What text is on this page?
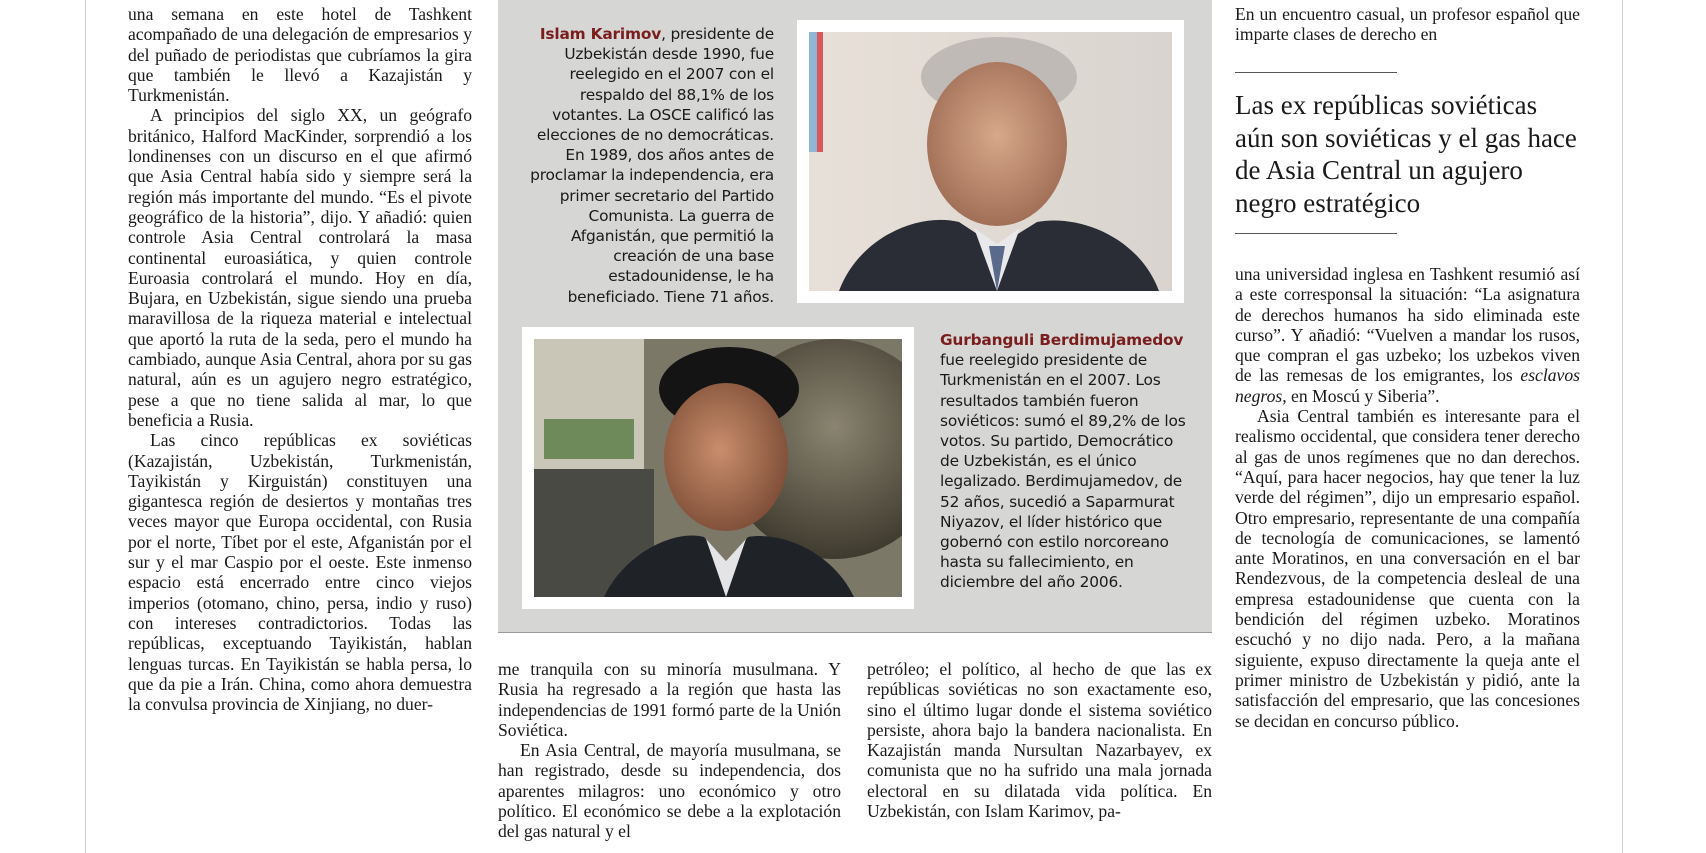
una semana en este hotel de Tashkent acompañado de una delegación de empresarios y del puñado de periodistas que cubríamos la gira que también le llevó a Kazajistán y Turkmenistán.

A principios del siglo XX, un geógrafo británico, Halford MacKinder, sorprendió a los londinenses con un discurso en el que afirmó que Asia Central había sido y siempre será la región más importante del mundo. “Es el pivote geográfico de la historia”, dijo. Y añadió: quien controle Asia Central controlará la masa continental euroasiática, y quien controle Euroasia controlará el mundo. Hoy en día, Bujara, en Uzbekistán, sigue siendo una prueba maravillosa de la riqueza material e intelectual que aportó la ruta de la seda, pero el mundo ha cambiado, aunque Asia Central, ahora por su gas natural, aún es un agujero negro estratégico, pese a que no tiene salida al mar, lo que beneficia a Rusia.

Las cinco repúblicas ex soviéticas (Kazajistán, Uzbekistán, Turkmenistán, Tayikistán y Kirguistán) constituyen una gigantesca región de desiertos y montañas tres veces mayor que Europa occidental, con Rusia por el norte, Tíbet por el este, Afganistán por el sur y el mar Caspio por el oeste. Este inmenso espacio está encerrado entre cinco viejos imperios (otomano, chino, persa, indio y ruso) con intereses contradictorios. Todas las repúblicas, exceptuando Tayikistán, hablan lenguas turcas. En Tayikistán se habla persa, lo que da pie a Irán. China, como ahora demuestra la convulsa provincia de Xinjiang, no duer-

Islam Karimov, presidente de Uzbekistán desde 1990, fue reelegido en el 2007 con el respaldo del 88,1% de los votantes. La OSCE calificó las elecciones de no democráticas. En 1989, dos años antes de proclamar la independencia, era primer secretario del Partido Comunista. La guerra de Afganistán, que permitió la creación de una base estadounidense, le ha beneficiado. Tiene 71 años.
Gurbanguli Berdimujamedov
fue reelegido presidente de Turkmenistán en el 2007. Los resultados también fueron soviéticos: sumó el 89,2% de los votos. Su partido, Democrático de Uzbekistán, es el único legalizado. Berdimujamedov, de 52 años, sucedió a Saparmurat Niyazov, el líder histórico que gobernó con estilo norcoreano hasta su fallecimiento, en diciembre del año 2006.

me tranquila con su minoría musulmana. Y Rusia ha regresado a la región que hasta las independencias de 1991 formó parte de la Unión Soviética.

En Asia Central, de mayoría musulmana, se han registrado, desde su independencia, dos aparentes milagros: uno económico y otro político. El económico se debe a la explotación del gas natural y el

petróleo; el político, al hecho de que las ex repúblicas soviéticas no son exactamente eso, sino el último lugar donde el sistema soviético persiste, ahora bajo la bandera nacionalista. En Kazajistán manda Nursultan Nazarbayev, ex comunista que no ha sufrido una mala jornada electoral en su dilatada vida política. En Uzbekistán, con Islam Karimov, pa-

En un encuentro casual, un profesor español que imparte clases de derecho en

Las ex repúblicas soviéticas aún son soviéticas y el gas hace de Asia Central un agujero negro estratégico

una universidad inglesa en Tashkent resumió así a este corresponsal la situación: “La asignatura de derechos humanos ha sido eliminada este curso”. Y añadió: “Vuelven a mandar los rusos, que compran el gas uzbeko; los uzbekos viven de las remesas de los emigrantes, los esclavos negros, en Moscú y Siberia”.

Asia Central también es interesante para el realismo occidental, que considera tener derecho al gas de unos regímenes que no dan derechos. “Aquí, para hacer negocios, hay que tener la luz verde del régimen”, dijo un empresario español. Otro empresario, representante de una compañía de tecnología de comunicaciones, se lamentó ante Moratinos, en una conversación en el bar Rendezvous, de la competencia desleal de una empresa estadounidense que cuenta con la bendición del régimen uzbeko. Moratinos escuchó y no dijo nada. Pero, a la mañana siguiente, expuso directamente la queja ante el primer ministro de Uzbekistán y pidió, ante la satisfacción del empresario, que las concesiones se decidan en concurso público.
